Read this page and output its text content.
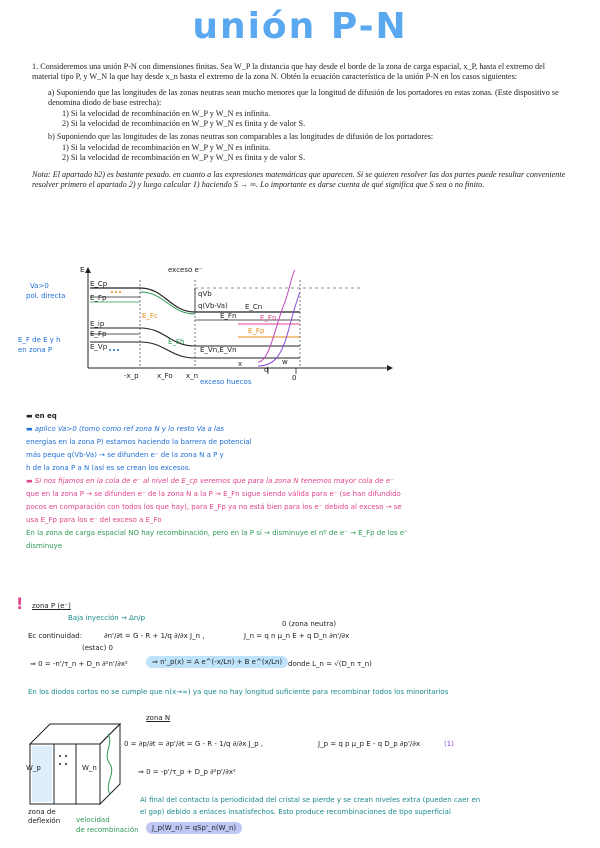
unión P-N

1. Consideremos una unión P-N con dimensiones finitas. Sea W_P la distancia que hay desde el borde de la zona de carga espacial, x_P, hasta el extremo del material tipo P, y W_N la que hay desde x_n hasta el extremo de la zona N. Obtén la ecuación característica de la unión P-N en los casos siguientes:

a) Suponiendo que las longitudes de las zonas neutras sean mucho menores que la longitud de difusión de los portadores en estas zonas. (Este dispositivo se denomina diodo de base estrecha):

1) Si la velocidad de recombinación en W_P y W_N es infinita.

2) Si la velocidad de recombinación en W_P y W_N es finita y de valor S.

b) Suponiendo que las longitudes de las zonas neutras son comparables a las longitudes de difusión de los portadores:

1) Si la velocidad de recombinación en W_P y W_N es infinita.

2) Si la velocidad de recombinación en W_P y W_N es finita y de valor S.

Nota: El apartado b2) es bastante pesado. en cuanto a las expresiones matemáticas que aparecen. Si se quieren resolver las dos partes puede resultar conveniente resolver primero el apartado 2) y luego calcular 1) haciendo S → ∞. Lo importante es darse cuenta de qué significa que S sea o no finito.

Va>0
pol. directa
E_F de E y h
en zona P
E
E_Cp
E_Fp
E_ip
E_Fp
E_Vp
exceso e⁻
qVb
q(Vb-Va) E_Cn
E_Fn	E_Fn
E_Fp
E_Fc
E_Fh
E_Vn,E_Vn
-x_p	x_Fo x_n
x
exceso huecos	0
d
w
▬ en eq
▬ aplico Va>0 (tomo como ref zona N y lo resto Va a las
energías en la zona P) estamos haciendo la barrera de potencial
más peque q(Vb-Va) → se difunden e⁻ de la zona N a P y
h de la zona P a N (así es se crean los excesos.
▬ Si nos fijamos en la cola de e⁻ al nivel de E_cp veremos que para la zona N tenemos mayor cola de e⁻
que en la zona P → se difunden e⁻ de la zona N a la P → E_Fn sigue siendo válida para e⁻ (se han difundido
pocos en comparación con todos los que hay), para E_Fp ya no está bien para los e⁻ debido al exceso → se
usa E_Fp para los e⁻ del exceso a E_Fo
En la zona de carga espacial NO hay recombinación, pero en la P sí → disminuye el nº de e⁻ → E_Fp de los e⁻
disminuye
! zona P (e⁻)
Baja inyección → Δn/p
Ec continuidad:	∂n'/∂t = G - R + 1/q ∂/∂x J_n ,	J_n = q n μ_n E + q D_n ∂n'/∂x
0 (zona neutra)
(estac) 0
⇒ 0 = -n'/τ_n + D_n ∂²n'/∂x²	⇒ n'_p(x) = A e^(-x/Ln) + B e^(x/Ln) donde L_n = √(D_n τ_n)
En los diodos cortos no se cumple que n(x→∞) ya que no hay longitud suficiente para recombinar todos los minoritarios
W_p	W_n
zona de
deflexión velocidad
de recombinación
zona N
0 = ∂p/∂t = ∂p'/∂t = G - R - 1/q ∂/∂x J_p ,	J_p = q p μ_p E - q D_p ∂p'/∂x	(1)
⇒ 0 = -p'/τ_p + D_p ∂²p'/∂x²
Al final del contacto la periodicidad del cristal se pierde y se crean niveles extra (pueden caer en
el gap) debido a enlaces insatisfechos. Esto produce recombinaciones de tipo superficial
J_p(W_n) = qSp'_n(W_n)
